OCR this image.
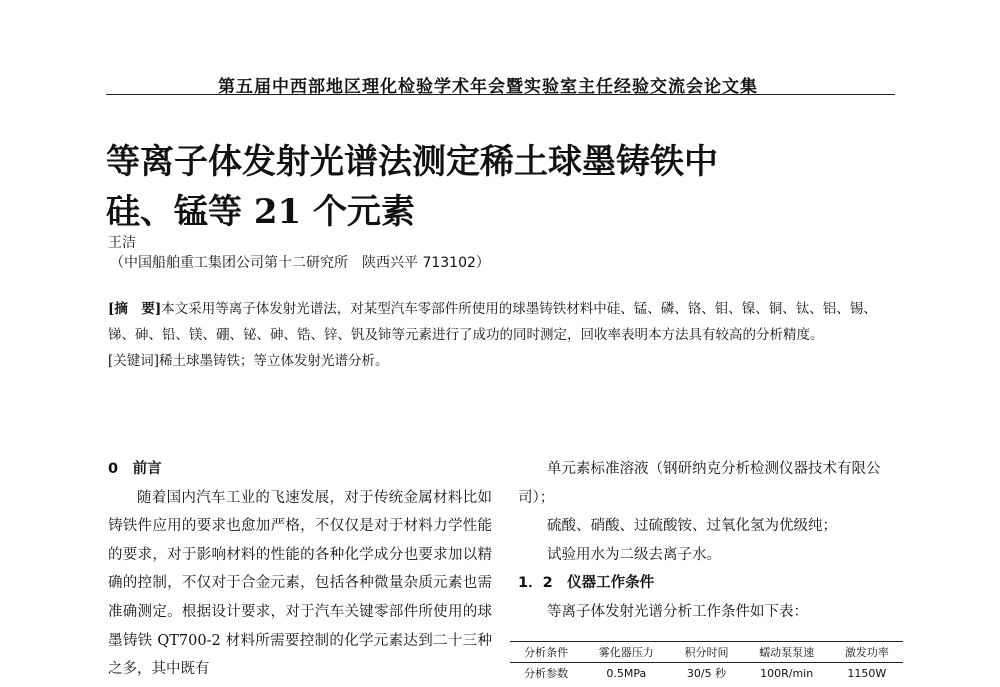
第五届中西部地区理化检验学术年会暨实验室主任经验交流会论文集
等离子体发射光谱法测定稀土球墨铸铁中
硅、锰等 21 个元素
王洁
（中国船舶重工集团公司第十二研究所　陕西兴平 713102）
[摘　要]本文采用等离子体发射光谱法，对某型汽车零部件所使用的球墨铸铁材料中硅、锰、磷、铬、钼、镍、铜、钛、铝、锡、锑、砷、铅、镁、硼、铋、砷、锆、锌、钒及铈等元素进行了成功的同时测定，回收率表明本方法具有较高的分析精度。
[关键词]稀土球墨铸铁；等立体发射光谱分析。
0　前言
随着国内汽车工业的飞速发展，对于传统金属材料比如铸铁件应用的要求也愈加严格，不仅仅是对于材料力学性能的要求，对于影响材料的性能的各种化学成分也要求加以精确的控制，不仅对于合金元素，包括各种微量杂质元素也需准确测定。根据设计要求，对于汽车关键零部件所使用的球墨铸铁 QT700-2 材料所需要控制的化学元素达到二十三种之多，其中既有
单元素标准溶液（钢研纳克分析检测仪器技术有限公司）；
硫酸、硝酸、过硫酸铵、过氧化氢为优级纯；
试验用水为二级去离子水。
1．2　仪器工作条件
等离子体发射光谱分析工作条件如下表：
分析条件	雾化器压力	积分时间	蠕动泵泵速	激发功率
分析参数	0.5MPa	30/5 秒	100R/min	1150W
